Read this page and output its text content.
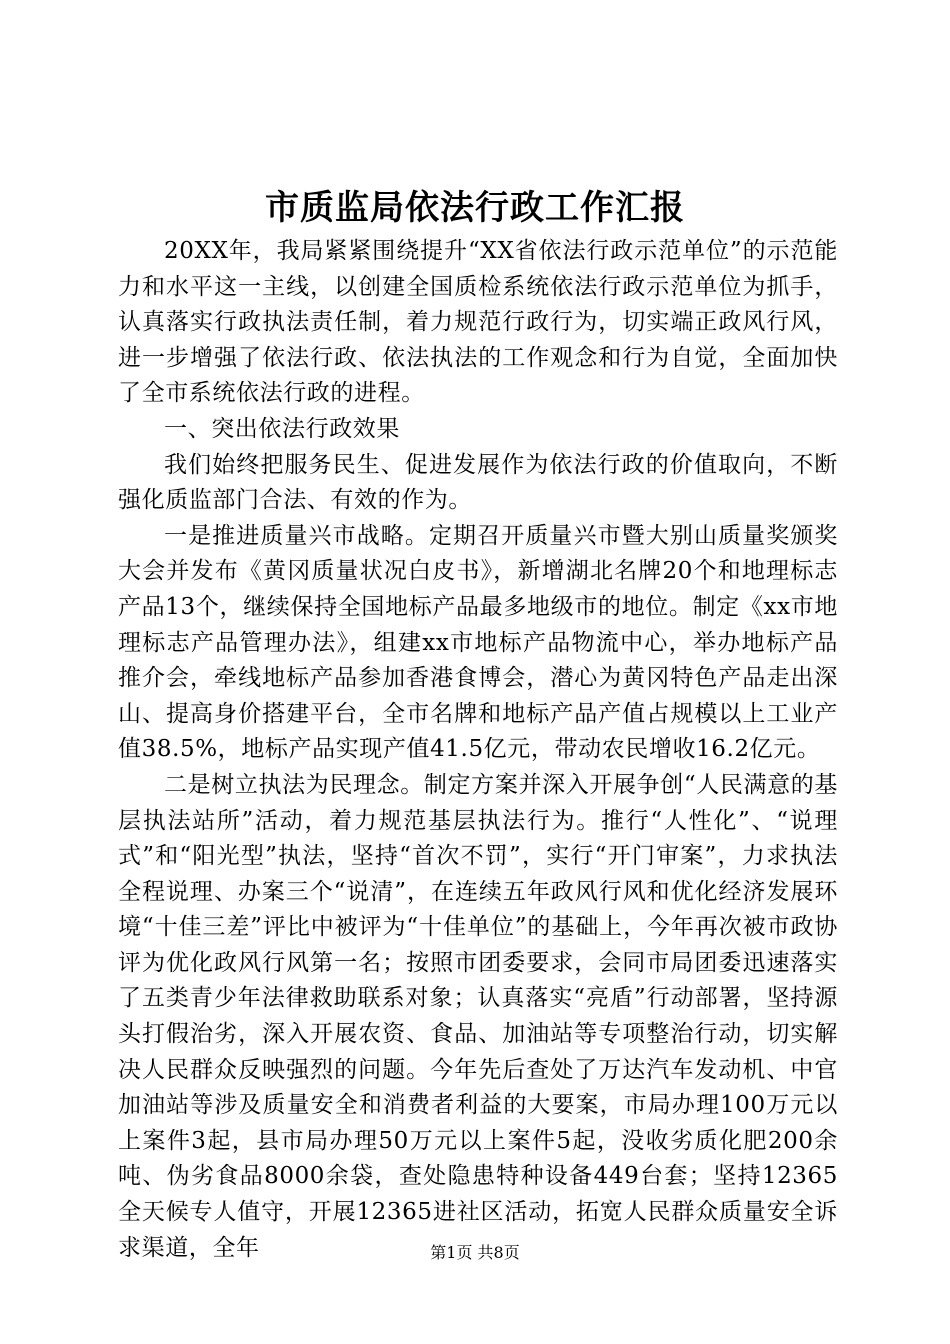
市质监局依法行政工作汇报

20XX年，我局紧紧围绕提升“XX省依法行政示范单位”的示范能力和水平这一主线，以创建全国质检系统依法行政示范单位为抓手，认真落实行政执法责任制，着力规范行政行为，切实端正政风行风，进一步增强了依法行政、依法执法的工作观念和行为自觉，全面加快了全市系统依法行政的进程。

一、突出依法行政效果

我们始终把服务民生、促进发展作为依法行政的价值取向，不断强化质监部门合法、有效的作为。

一是推进质量兴市战略。定期召开质量兴市暨大别山质量奖颁奖大会并发布《黄冈质量状况白皮书》，新增湖北名牌20个和地理标志产品13个，继续保持全国地标产品最多地级市的地位。制定《xx市地理标志产品管理办法》，组建xx市地标产品物流中心，举办地标产品推介会，牵线地标产品参加香港食博会，潜心为黄冈特色产品走出深山、提高身价搭建平台，全市名牌和地标产品产值占规模以上工业产值38.5%，地标产品实现产值41.5亿元，带动农民增收16.2亿元。

二是树立执法为民理念。制定方案并深入开展争创“人民满意的基层执法站所”活动，着力规范基层执法行为。推行“人性化”、“说理式”和“阳光型”执法，坚持“首次不罚”，实行“开门审案”，力求执法全程说理、办案三个“说清”，在连续五年政风行风和优化经济发展环境“十佳三差”评比中被评为“十佳单位”的基础上，今年再次被市政协评为优化政风行风第一名；按照市团委要求，会同市局团委迅速落实了五类青少年法律救助联系对象；认真落实“亮盾”行动部署，坚持源头打假治劣，深入开展农资、食品、加油站等专项整治行动，切实解决人民群众反映强烈的问题。今年先后查处了万达汽车发动机、中官加油站等涉及质量安全和消费者利益的大要案，市局办理100万元以上案件3起，县市局办理50万元以上案件5起，没收劣质化肥200余吨、伪劣食品8000余袋，查处隐患特种设备449台套；坚持12365全天候专人值守，开展12365进社区活动，拓宽人民群众质量安全诉求渠道，全年	第1页 共8页
